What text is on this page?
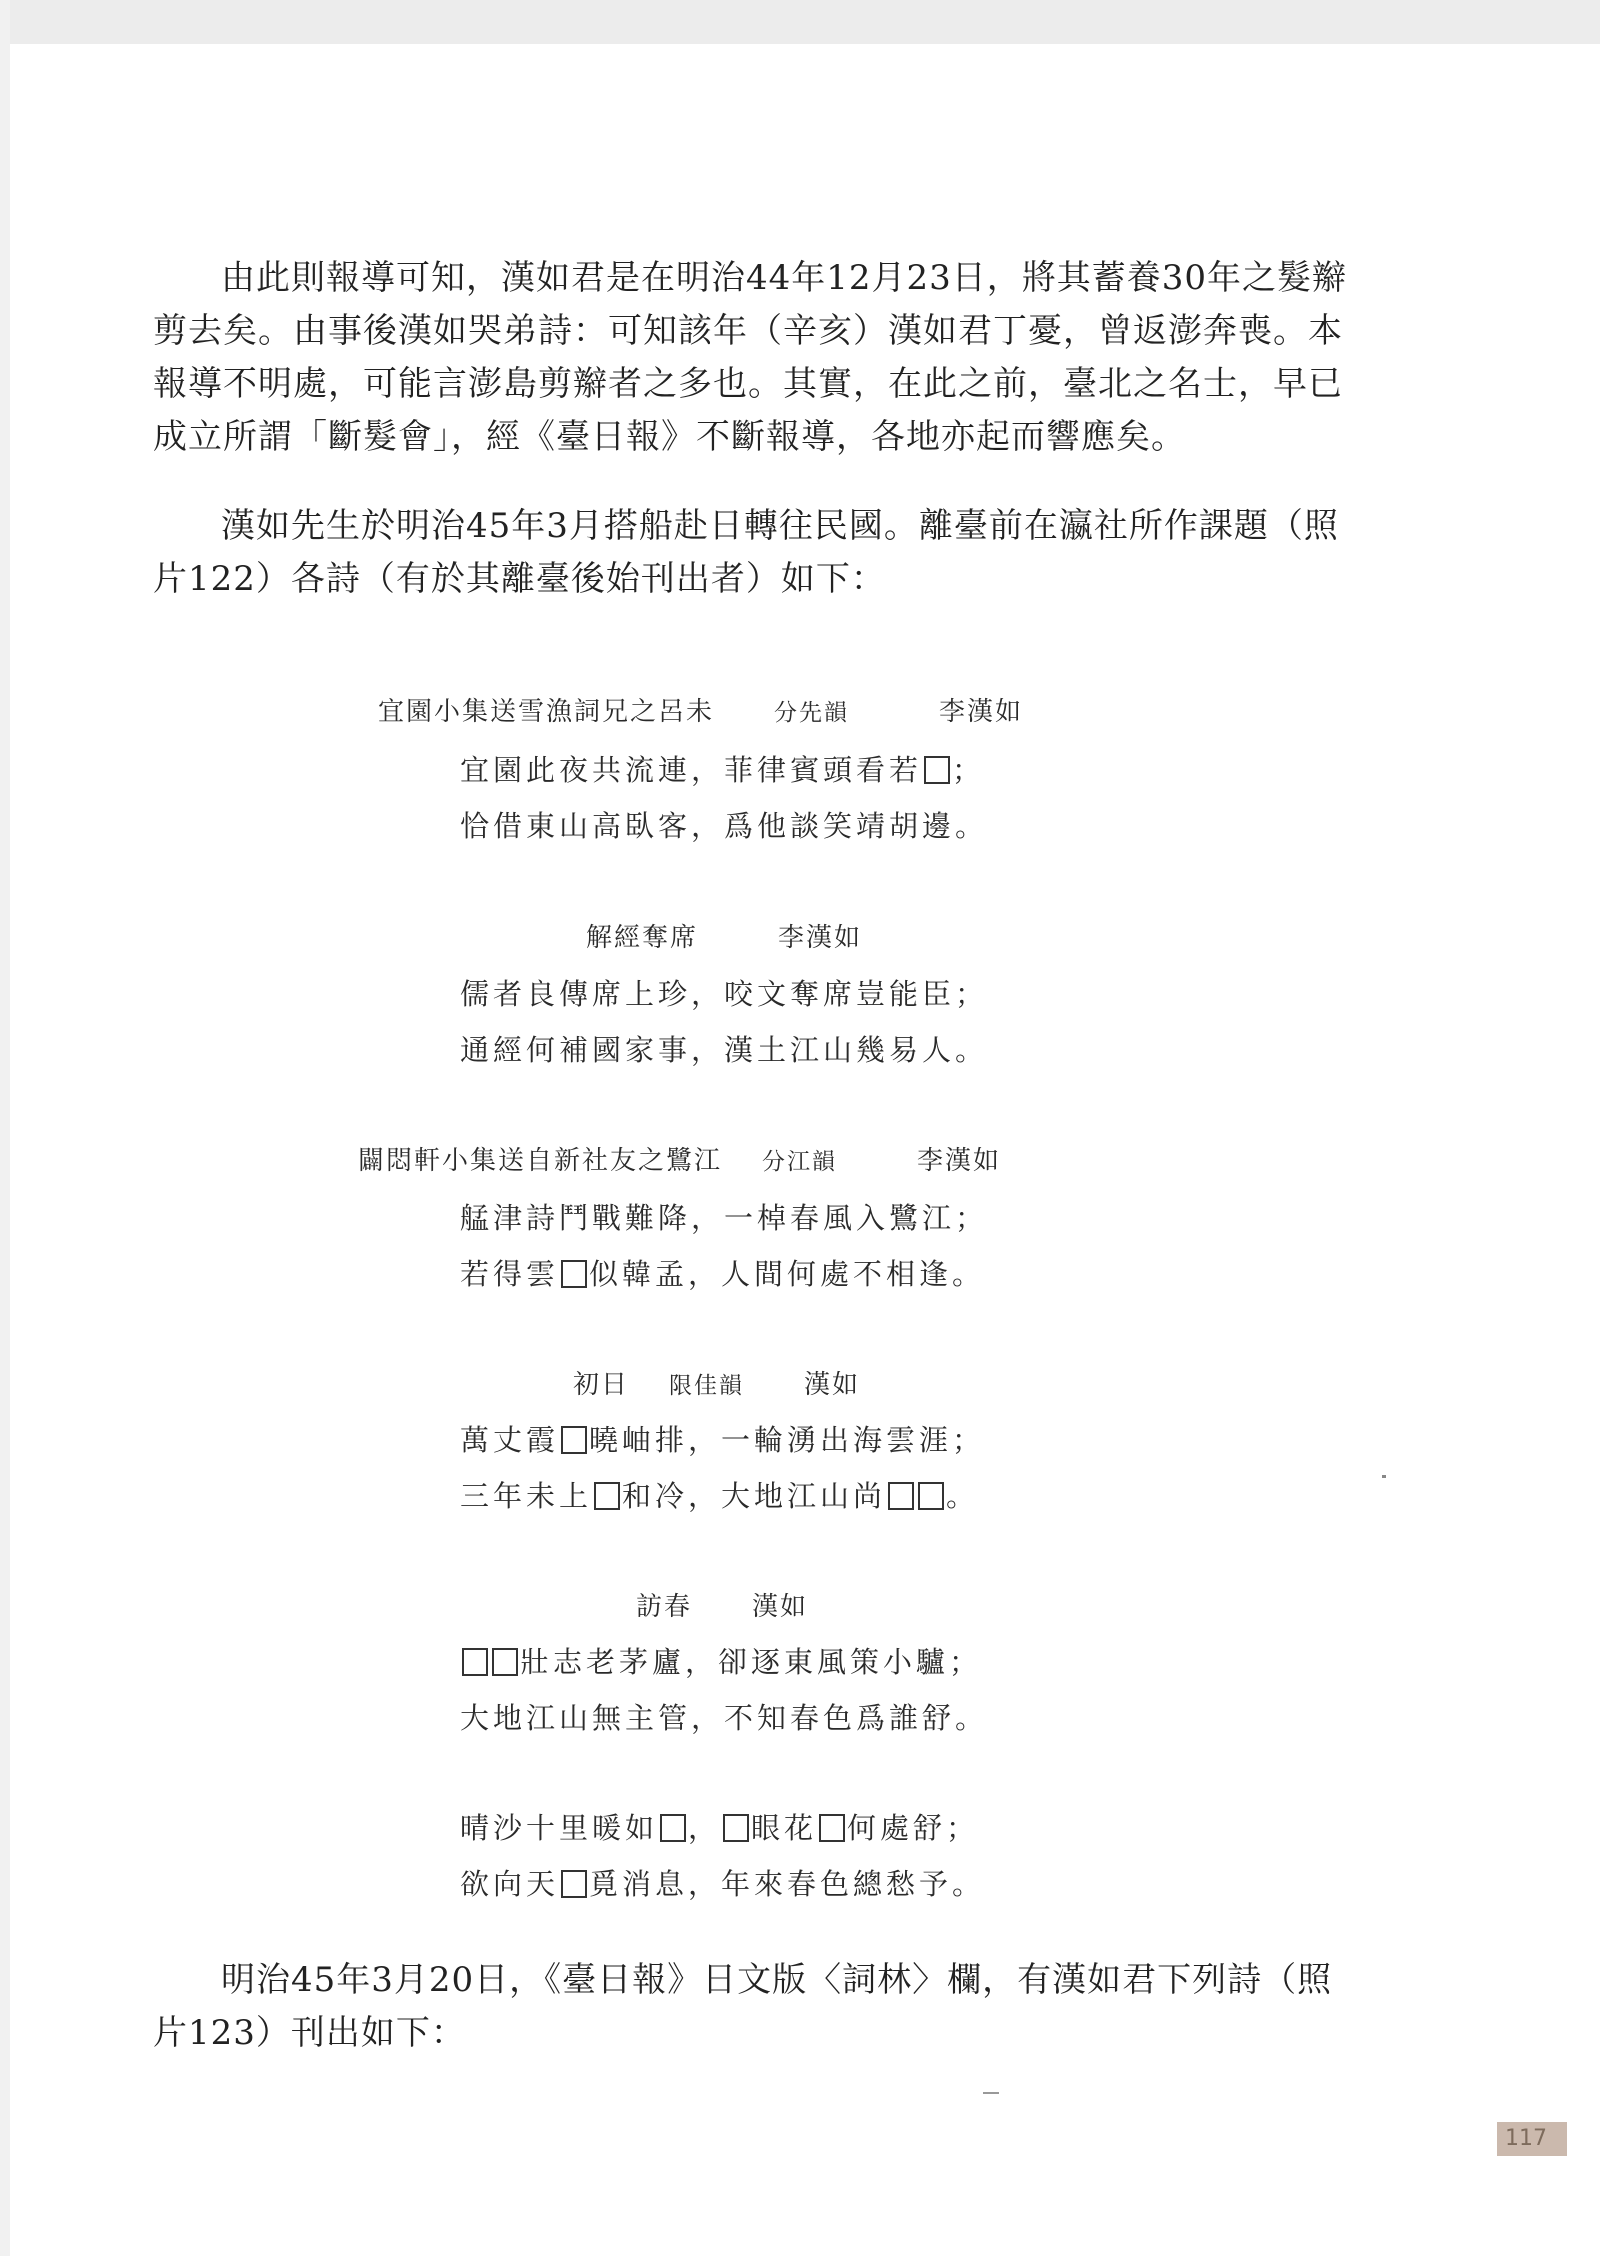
由此則報導可知，漢如君是在明治44年12月23日，將其蓄養30年之髮辮剪去矣。由事後漢如哭弟詩：可知該年（辛亥）漢如君丁憂，曾返澎奔喪。本報導不明處，可能言澎島剪辮者之多也。其實，在此之前，臺北之名士，早已成立所謂「斷髮會」，經《臺日報》不斷報導，各地亦起而響應矣。

漢如先生於明治45年3月搭船赴日轉往民國。離臺前在瀛社所作課題（照片122）各詩（有於其離臺後始刊出者）如下：

宜園小集送雪漁詞兄之呂未	分先韻	李漢如
宜園此夜共流連，菲律賓頭看若 ；
恰借東山高臥客，爲他談笑靖胡邊。
解經奪席	李漢如
儒者良傳席上珍，咬文奪席豈能臣；
通經何補國家事，漢土江山幾易人。
闢悶軒小集送自新社友之鷺江 分江韻	李漢如
艋津詩鬥戰難降，一棹春風入鷺江；
若得雲 似韓孟，人間何處不相逢。
初日 限佳韻 漢如
萬丈霞 曉岫排，一輪湧出海雲涯；
三年未上 和冷，大地江山尚 。
訪春 漢如
壯志老茅廬，卻逐東風策小驢；
大地江山無主管，不知春色爲誰舒。
晴沙十里暖如 ， 眼花 何處舒；
欲向天 覓消息，年來春色總愁予。

明治45年3月20日，《臺日報》日文版〈詞林〉欄，有漢如君下列詩（照片123）刊出如下：

117
